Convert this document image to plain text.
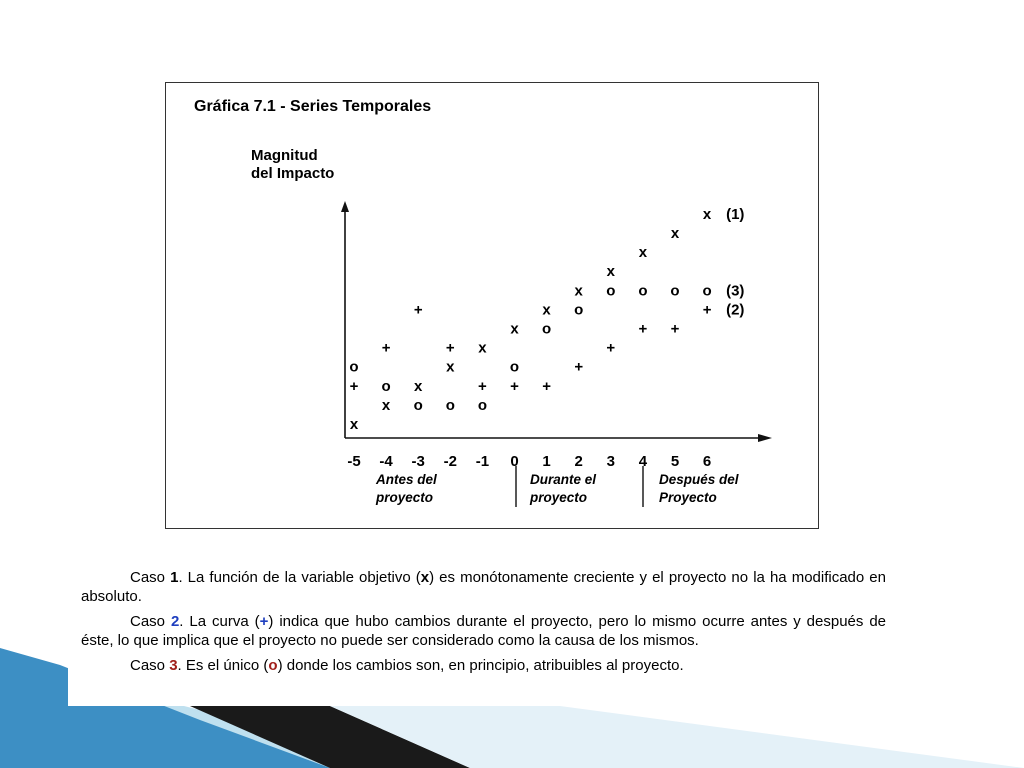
Gráfica 7.1 - Series Temporales
Magnitud
del Impacto
-5 -4 -3 -2 -1 0 1 2 3 4 5 6
x
x
x
x
x
x
x
x
x
x
x
x
+
+
+
+
+ + +
+
+
+ +
+
o
o
o o o
o
o
o
o o o o
(1)
(2)
(3)
Antes del
proyecto
Durante el
proyecto
Después del
Proyecto

Caso 1. La función de la variable objetivo (x) es monótonamente creciente y el proyecto no la ha modificado en absoluto.

Caso 2. La curva (+) indica que hubo cambios durante el proyecto, pero lo mismo ocurre antes y después de éste, lo que implica que el proyecto no puede ser considerado como la causa de los mismos.

Caso 3. Es el único (o) donde los cambios son, en principio, atribuibles al proyecto.
